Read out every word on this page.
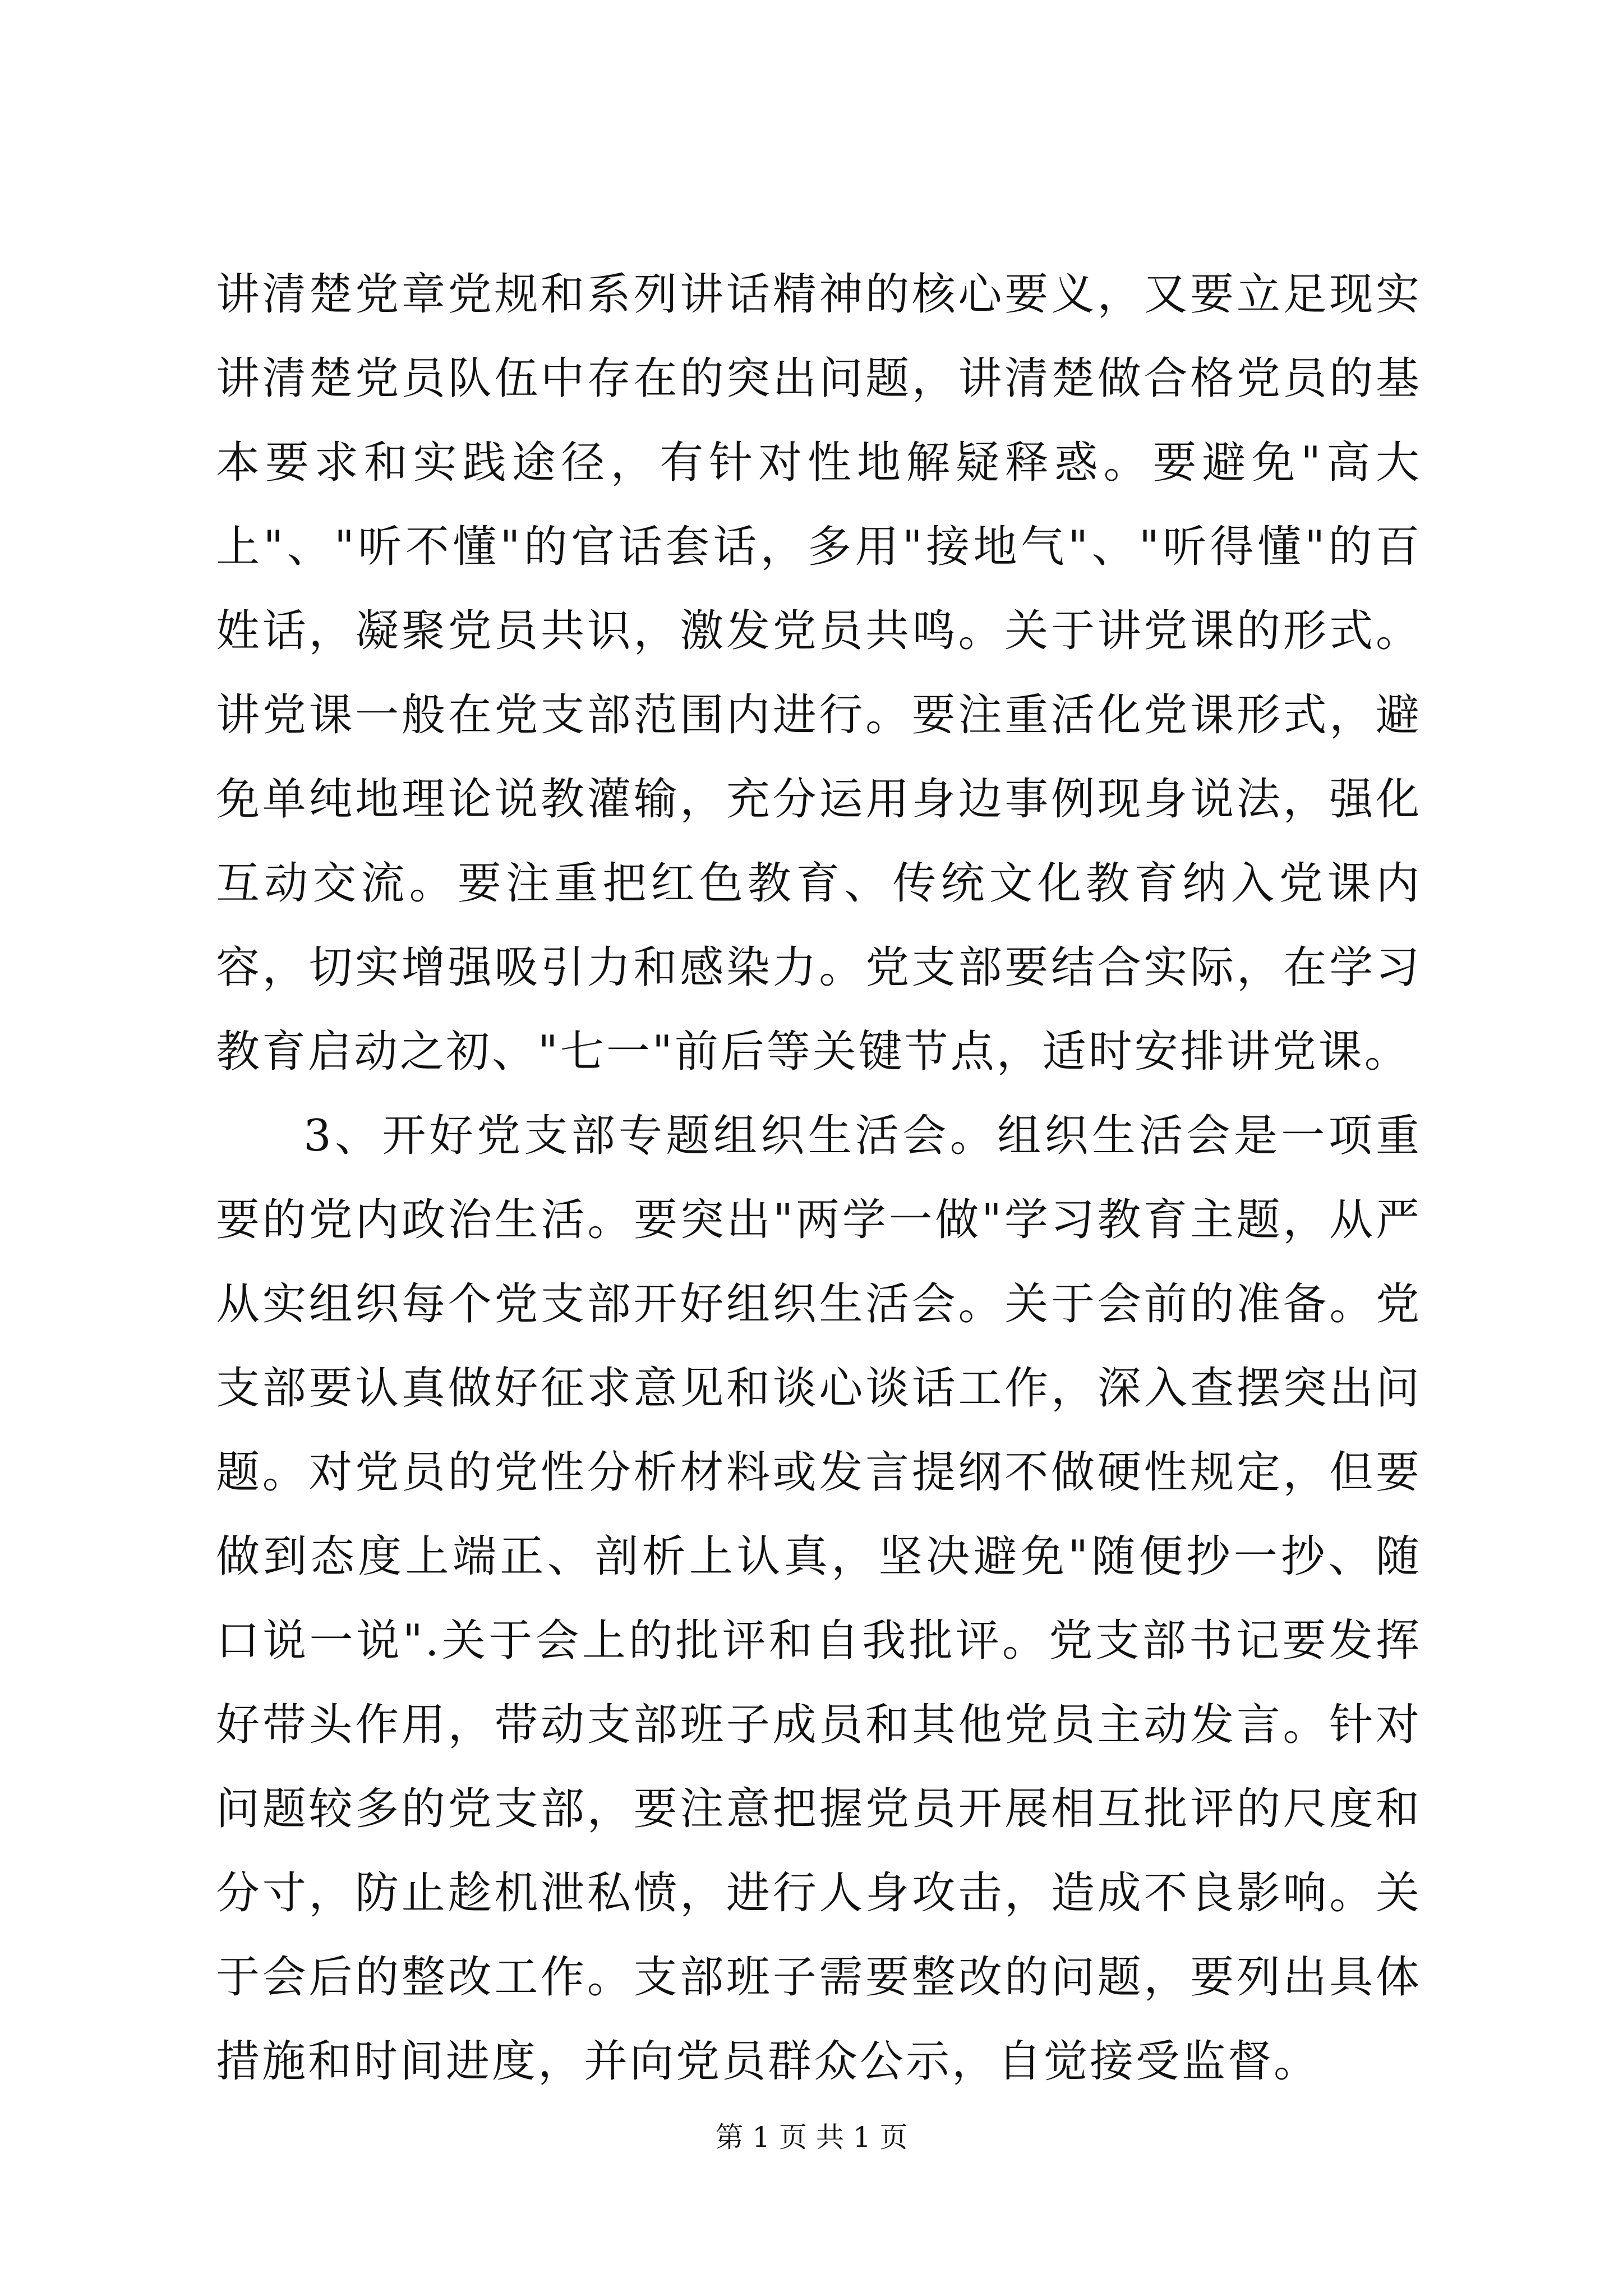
讲清楚党章党规和系列讲话精神的核心要义，又要立足现实讲清楚党员队伍中存在的突出问题，讲清楚做合格党员的基本要求和实践途径，有针对性地解疑释惑。要避免"高大上"、"听不懂"的官话套话，多用"接地气"、"听得懂"的百姓话，凝聚党员共识，激发党员共鸣。关于讲党课的形式。讲党课一般在党支部范围内进行。要注重活化党课形式，避免单纯地理论说教灌输，充分运用身边事例现身说法，强化互动交流。要注重把红色教育、传统文化教育纳入党课内容，切实增强吸引力和感染力。党支部要结合实际，在学习教育启动之初、"七一"前后等关键节点，适时安排讲党课。

3、开好党支部专题组织生活会。组织生活会是一项重要的党内政治生活。要突出"两学一做"学习教育主题，从严从实组织每个党支部开好组织生活会。关于会前的准备。党支部要认真做好征求意见和谈心谈话工作，深入查摆突出问题。对党员的党性分析材料或发言提纲不做硬性规定，但要做到态度上端正、剖析上认真，坚决避免"随便抄一抄、随口说一说".关于会上的批评和自我批评。党支部书记要发挥好带头作用，带动支部班子成员和其他党员主动发言。针对问题较多的党支部，要注意把握党员开展相互批评的尺度和分寸，防止趁机泄私愤，进行人身攻击，造成不良影响。关于会后的整改工作。支部班子需要整改的问题，要列出具体措施和时间进度，并向党员群众公示，自觉接受监督。

第 1 页 共 1 页
